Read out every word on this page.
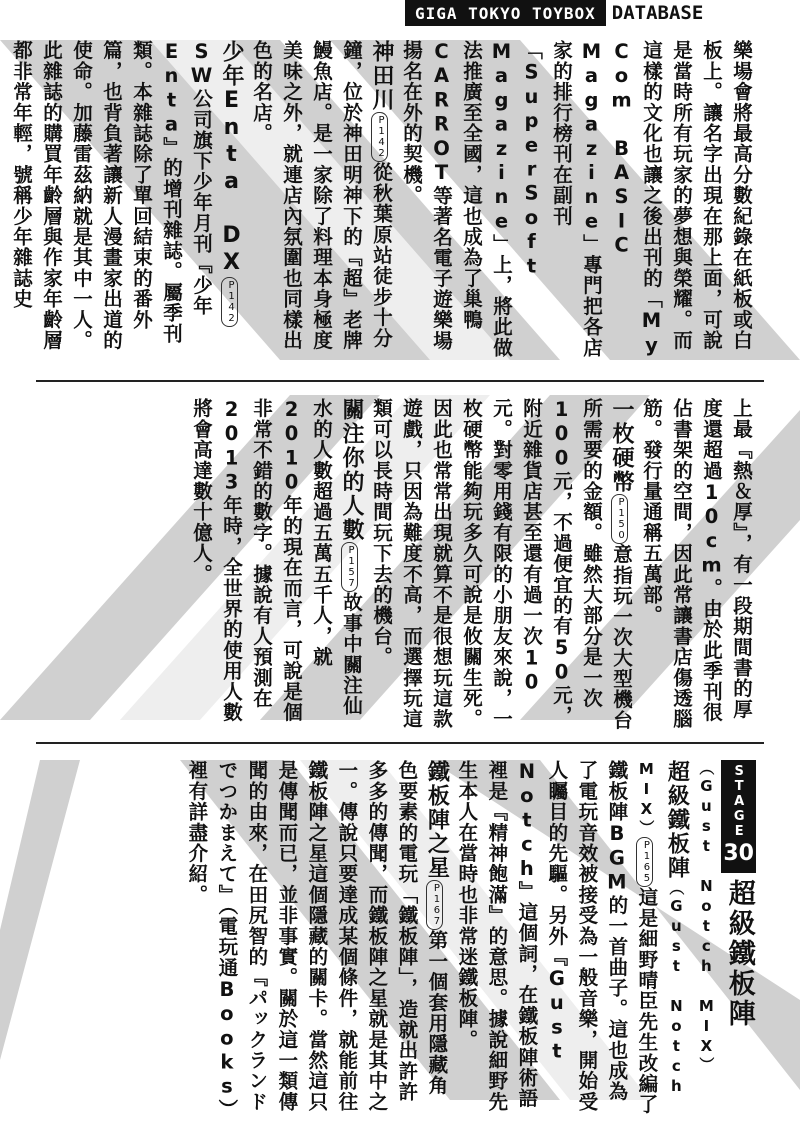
GIGA TOKYO TOYBOX DATABASE

樂場會將最高分數紀錄在紙板或白板上。讓名字出現在那上面，可說是當時所有玩家的夢想與榮耀。而這樣的文化也讓之後出刊的「My Com BASIC Magazine」專門把各店家的排行榜刊在副刊「SuperSoft Magazine」上，將此做法推廣至全國，這也成為了巢鴨CARROT等著名電子遊樂場揚名在外的契機。

神田川P142從秋葉原站徒步十分鐘，位於神田明神下的『超』老牌鰻魚店。是一家除了料理本身極度美味之外，就連店內氛圍也同樣出色的名店。
少年Enta DXP142SW公司旗下少年月刊『少年Enta』的增刊雜誌。屬季刊類。本雜誌除了單回結束的番外篇，也背負著讓新人漫畫家出道的使命。加藤雷茲納就是其中一人。此雜誌的購買年齡層與作家年齡層都非常年輕，號稱少年雜誌史

上最『熱＆厚』，有一段期間書的厚度還超過10cm。由於此季刊很佔書架的空間，因此常讓書店傷透腦筋。發行量通稱五萬部。

一枚硬幣P150意指玩一次大型機台所需要的金額。雖然大部分是一次100元，不過便宜的有50元，附近雜貨店甚至還有過一次10元。對零用錢有限的小朋友來說，一枚硬幣能夠玩多久可說是攸關生死。因此也常常出現就算不是很想玩這款遊戲，只因為難度不高，而選擇玩這類可以長時間玩下去的機台。
關注你的人數P157故事中關注仙水的人數超過五萬五千人，就2010年的現在而言，可說是個非常不錯的數字。據說有人預測在2013年時，全世界的使用人數將會高達數十億人。
STAGE30超級鐵板陣（Gust Notch MIX）
超級鐵板陣（Gust Notch MIX）P165這是細野晴臣先生改編了鐵板陣BGM的一首曲子。這也成為了電玩音效被接受為一般音樂，開始受人矚目的先驅。另外『Gust Notch』這個詞，在鐵板陣術語裡是『精神飽滿』的意思。據說細野先生本人在當時也非常迷鐵板陣。
鐵板陣之星P167第一個套用隱藏角色要素的電玩「鐵板陣」，造就出許許多多的傳聞，而鐵板陣之星就是其中之一。傳說只要達成某個條件，就能前往鐵板陣之星這個隱藏的關卡。當然這只是傳聞而已，並非事實。關於這一類傳聞的由來，在田尻智的『パックランドでつかまえて』（電玩通Books）裡有詳盡介紹。
